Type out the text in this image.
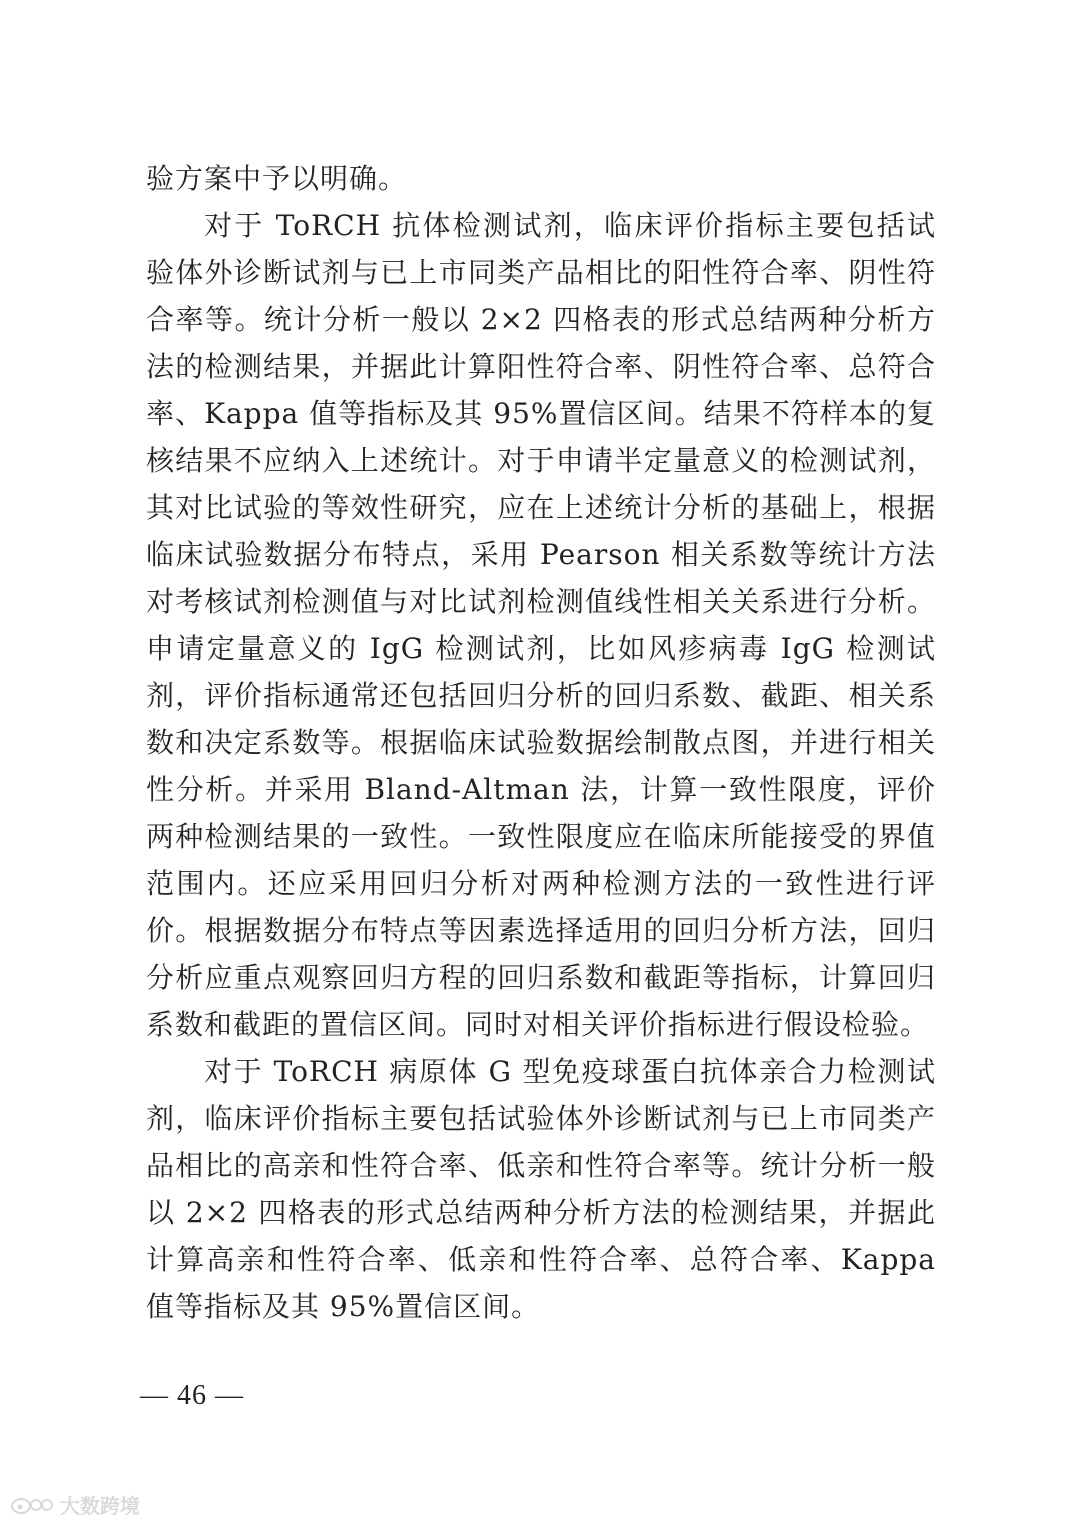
验方案中予以明确。

对于 ToRCH 抗体检测试剂，临床评价指标主要包括试验体外诊断试剂与已上市同类产品相比的阳性符合率、阴性符合率等。统计分析一般以 2×2 四格表的形式总结两种分析方法的检测结果，并据此计算阳性符合率、阴性符合率、总符合率、Kappa 值等指标及其 95%置信区间。结果不符样本的复核结果不应纳入上述统计。对于申请半定量意义的检测试剂，其对比试验的等效性研究，应在上述统计分析的基础上，根据临床试验数据分布特点，采用 Pearson 相关系数等统计方法对考核试剂检测值与对比试剂检测值线性相关关系进行分析。申请定量意义的 IgG 检测试剂，比如风疹病毒 IgG 检测试剂，评价指标通常还包括回归分析的回归系数、截距、相关系数和决定系数等。根据临床试验数据绘制散点图，并进行相关性分析。并采用 Bland-Altman 法，计算一致性限度，评价两种检测结果的一致性。一致性限度应在临床所能接受的界值范围内。还应采用回归分析对两种检测方法的一致性进行评价。根据数据分布特点等因素选择适用的回归分析方法，回归分析应重点观察回归方程的回归系数和截距等指标，计算回归系数和截距的置信区间。同时对相关评价指标进行假设检验。

对于 ToRCH 病原体 G 型免疫球蛋白抗体亲合力检测试剂，临床评价指标主要包括试验体外诊断试剂与已上市同类产品相比的高亲和性符合率、低亲和性符合率等。统计分析一般以 2×2 四格表的形式总结两种分析方法的检测结果，并据此计算高亲和性符合率、低亲和性符合率、总符合率、Kappa 值等指标及其 95%置信区间。

— 46 —
大数跨境
